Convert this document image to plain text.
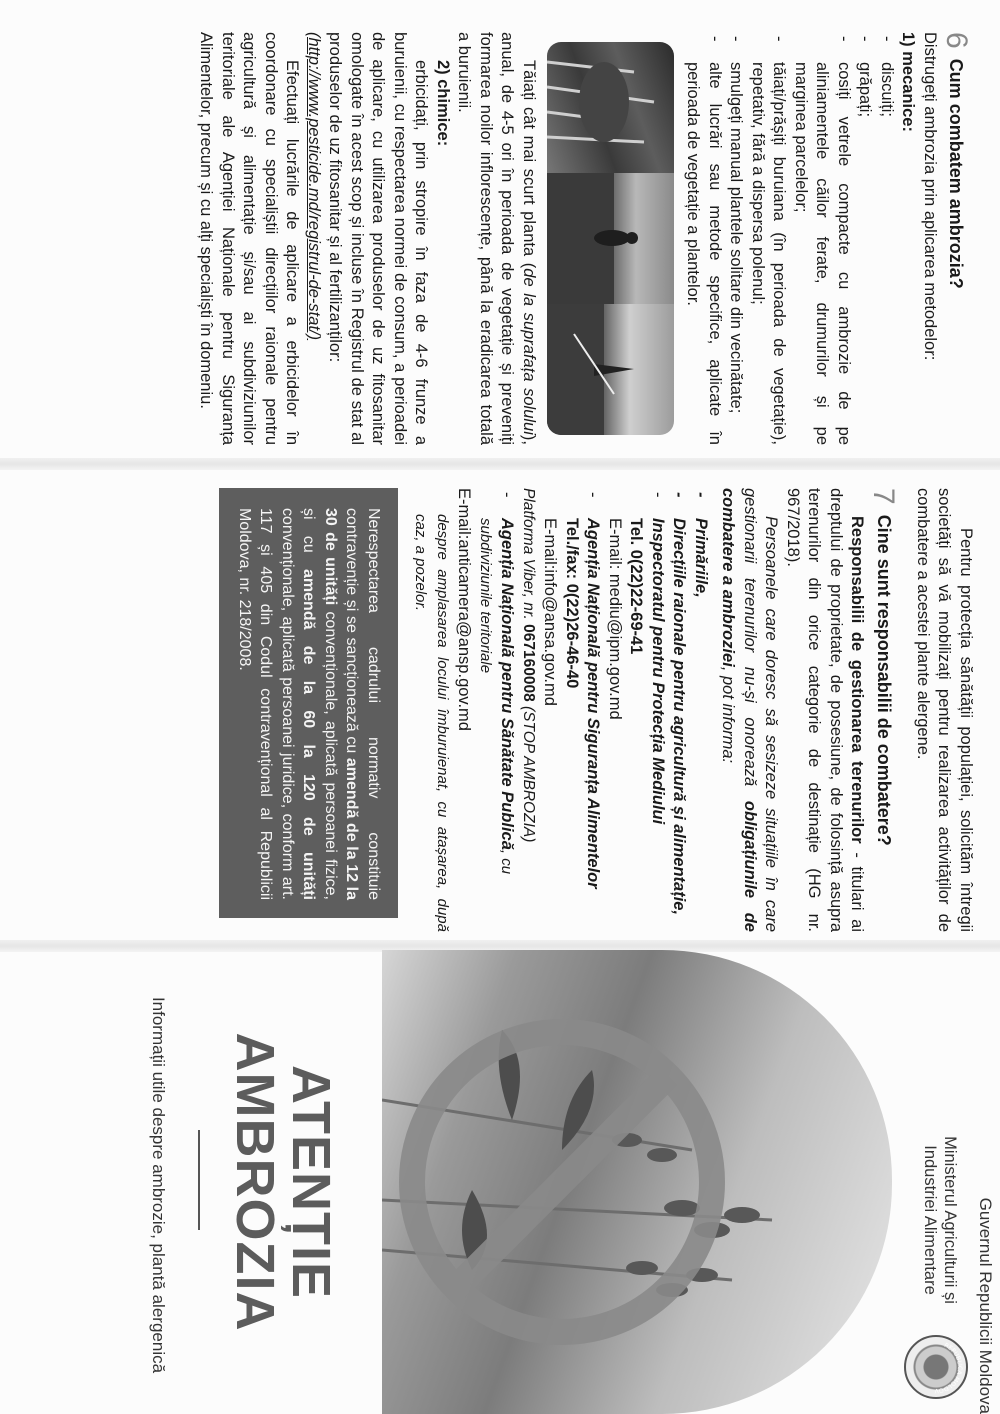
6
Cum combatem ambrozia?

Distrugeți ambrozia prin aplicarea metodelor:

1) mecanice:

- discuiți;
- grăpați;
- cosiți vetrele compacte cu ambrozie de pe aliniamentele căilor ferate, drumurilor și pe marginea parcelelor;
- tăiați/prășiți buruiana (în perioada de vegetație), repetativ, fără a dispersa polenul;
- smulgeți manual plantele solitare din vecinătate;
- alte lucrări sau metode specifice, aplicate în perioada de vegetație a plantelor.

Tăiați cât mai scurt planta (de la suprafața solului), anual, de 4-5 ori în perioada de vegetație și preveniți formarea noilor inflorescențe, până la eradicarea totală a buruienii.

2) chimice:

erbicidați, prin stropire în faza de 4-6 frunze a buruienii, cu respectarea normei de consum, a perioadei de aplicare, cu utilizarea produselor de uz fitosanitar omologate în acest scop și incluse în Registrul de stat al produselor de uz fitosanitar și al fertilizanților:

(http://www.pesticide.md/registrul-de-stat/)

Efectuați lucrările de aplicare a erbicidelor în coordonare cu specialiștii direcțiilor raionale pentru agricultură și alimentație și/sau ai subdiviziunilor teritoriale ale Agenției Naționale pentru Siguranța Alimentelor, precum și cu alți specialiști în domeniu.

Pentru protecția sănătății populației, solicităm întregii societăți să vă mobilizați pentru realizarea activităților de combatere a acestei plante alergene.

7
Cine sunt responsabilii de combatere?

Responsabilii de gestionarea terenurilor - titulari ai dreptului de proprietate, de posesiune, de folosință asupra terenurilor din orice categorie de destinație (HG nr. 967/2018).

Persoanele care doresc să sesizeze situațiile în care gestionarii terenurilor nu-și onorează obligațiunile de combatere a ambroziei, pot informa:

- Primăriile,
- Direcțiile raionale pentru agricultură și alimentație,
- Inspectoratul pentru Protecția Mediului
Tel. 0(22)22-69-41
E-mail: mediu@ipm.gov.md
- Agenția Națională pentru Siguranța Alimentelor
Tel./fax: 0(22)26-46-40
E-mail:info@ansa.gov.md

Platforma Viber, nr. 067160008 (STOP AMBROZIA)

- Agenția Națională pentru Sănătate Publică, cu subdiviziunile teritoriale

E-mail:anticamera@ansp.gov.md

despre amplasarea locului îmburuienat, cu atașarea, după caz, a pozelor.

Nerespectarea cadrului normativ constituie contravenție și se sancționează cu amendă de la 12 la 30 de unități convenționale, aplicată persoanei fizice, și cu amendă de la 60 la 120 de unități convenționale, aplicată persoanei juridice, conform art. 117 și 405 din Codul contravențional al Republicii Moldova, nr. 218/2008.
Guvernul Republicii Moldova
Ministerul Agriculturii și Industriei Alimentare
REPUBLICA MOLDOV
ATENȚIE
AMBROZIA
Informații utile despre ambrozie, plantă alergenică
